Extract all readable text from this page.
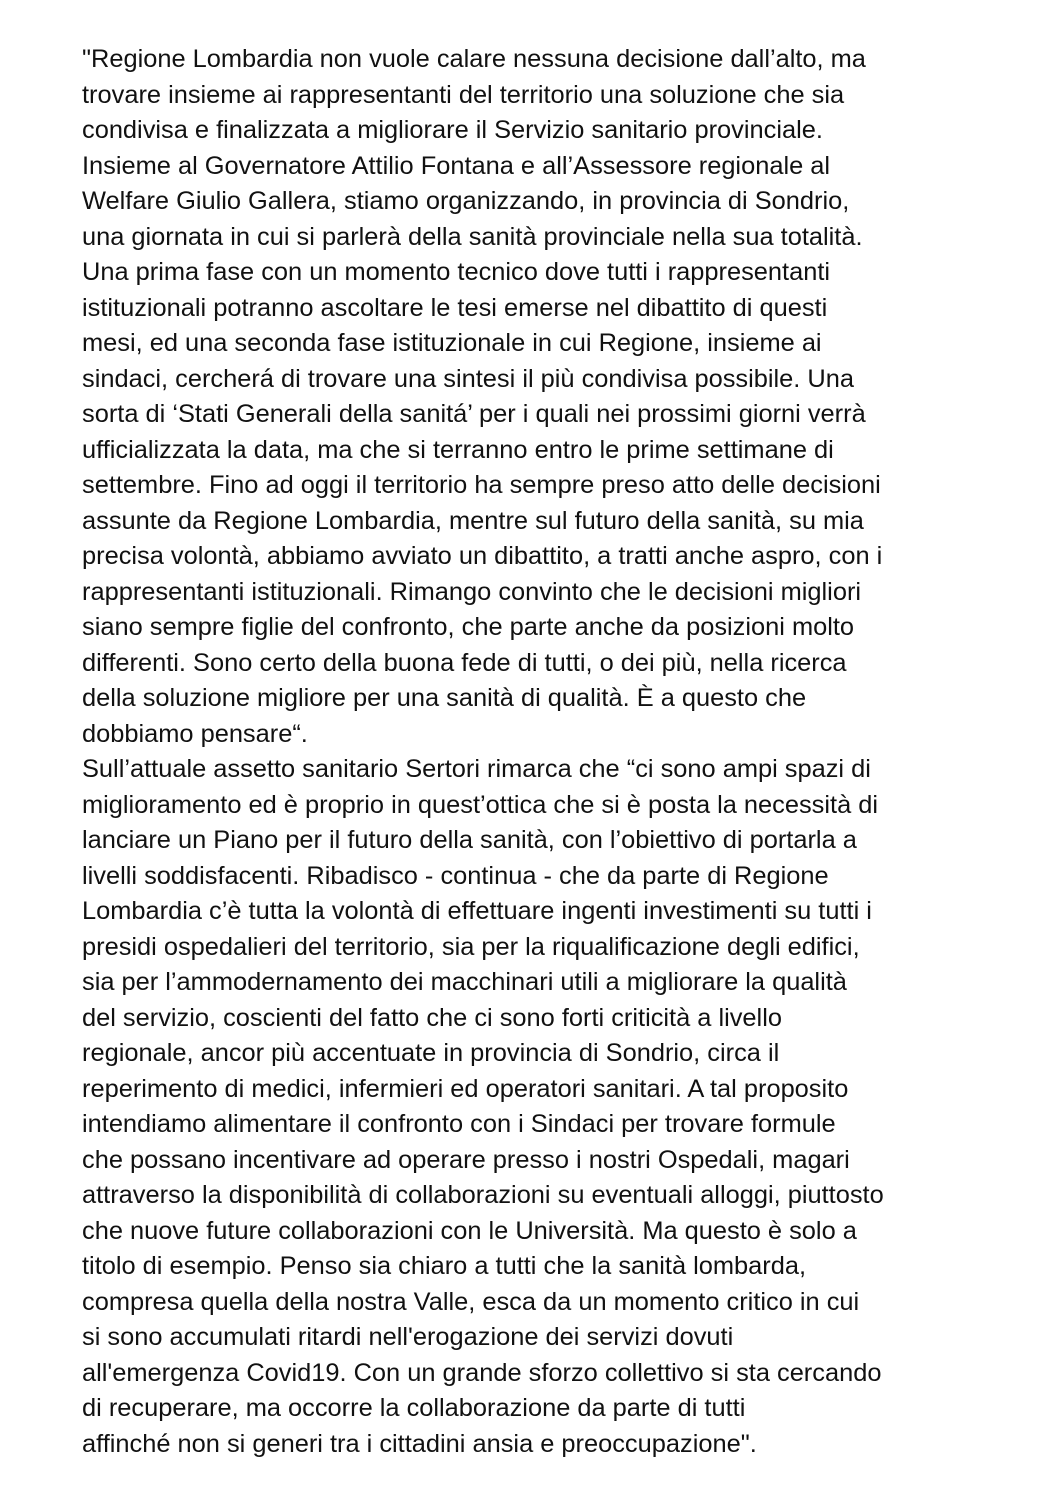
"Regione Lombardia non vuole calare nessuna decisione dall’alto, ma
trovare insieme ai rappresentanti del territorio una soluzione che sia
condivisa e finalizzata a migliorare il Servizio sanitario provinciale.
Insieme al Governatore Attilio Fontana e all’Assessore regionale al
Welfare Giulio Gallera, stiamo organizzando, in provincia di Sondrio,
una giornata in cui si parlerà della sanità provinciale nella sua totalità.
Una prima fase con un momento tecnico dove tutti i rappresentanti
istituzionali potranno ascoltare le tesi emerse nel dibattito di questi
mesi, ed una seconda fase istituzionale in cui Regione, insieme ai
sindaci, cercherá di trovare una sintesi il più condivisa possibile. Una
sorta di ‘Stati Generali della sanitá’ per i quali nei prossimi giorni verrà
ufficializzata la data, ma che si terranno entro le prime settimane di
settembre. Fino ad oggi il territorio ha sempre preso atto delle decisioni
assunte da Regione Lombardia, mentre sul futuro della sanità, su mia
precisa volontà, abbiamo avviato un dibattito, a tratti anche aspro, con i
rappresentanti istituzionali. Rimango convinto che le decisioni migliori
siano sempre figlie del confronto, che parte anche da posizioni molto
differenti. Sono certo della buona fede di tutti, o dei più, nella ricerca
della soluzione migliore per una sanità di qualità. È a questo che
dobbiamo pensare“.
Sull’attuale assetto sanitario Sertori rimarca che “ci sono ampi spazi di
miglioramento ed è proprio in quest’ottica che si è posta la necessità di
lanciare un Piano per il futuro della sanità, con l’obiettivo di portarla a
livelli soddisfacenti. Ribadisco - continua - che da parte di Regione
Lombardia c’è tutta la volontà di effettuare ingenti investimenti su tutti i
presidi ospedalieri del territorio, sia per la riqualificazione degli edifici,
sia per l’ammodernamento dei macchinari utili a migliorare la qualità
del servizio, coscienti del fatto che ci sono forti criticità a livello
regionale, ancor più accentuate in provincia di Sondrio, circa il
reperimento di medici, infermieri ed operatori sanitari. A tal proposito
intendiamo alimentare il confronto con i Sindaci per trovare formule
che possano incentivare ad operare presso i nostri Ospedali, magari
attraverso la disponibilità di collaborazioni su eventuali alloggi, piuttosto
che nuove future collaborazioni con le Università. Ma questo è solo a
titolo di esempio. Penso sia chiaro a tutti che la sanità lombarda,
compresa quella della nostra Valle, esca da un momento critico in cui
si sono accumulati ritardi nell'erogazione dei servizi dovuti
all'emergenza Covid19. Con un grande sforzo collettivo si sta cercando
di recuperare, ma occorre la collaborazione da parte di tutti
affinché non si generi tra i cittadini ansia e preoccupazione".
